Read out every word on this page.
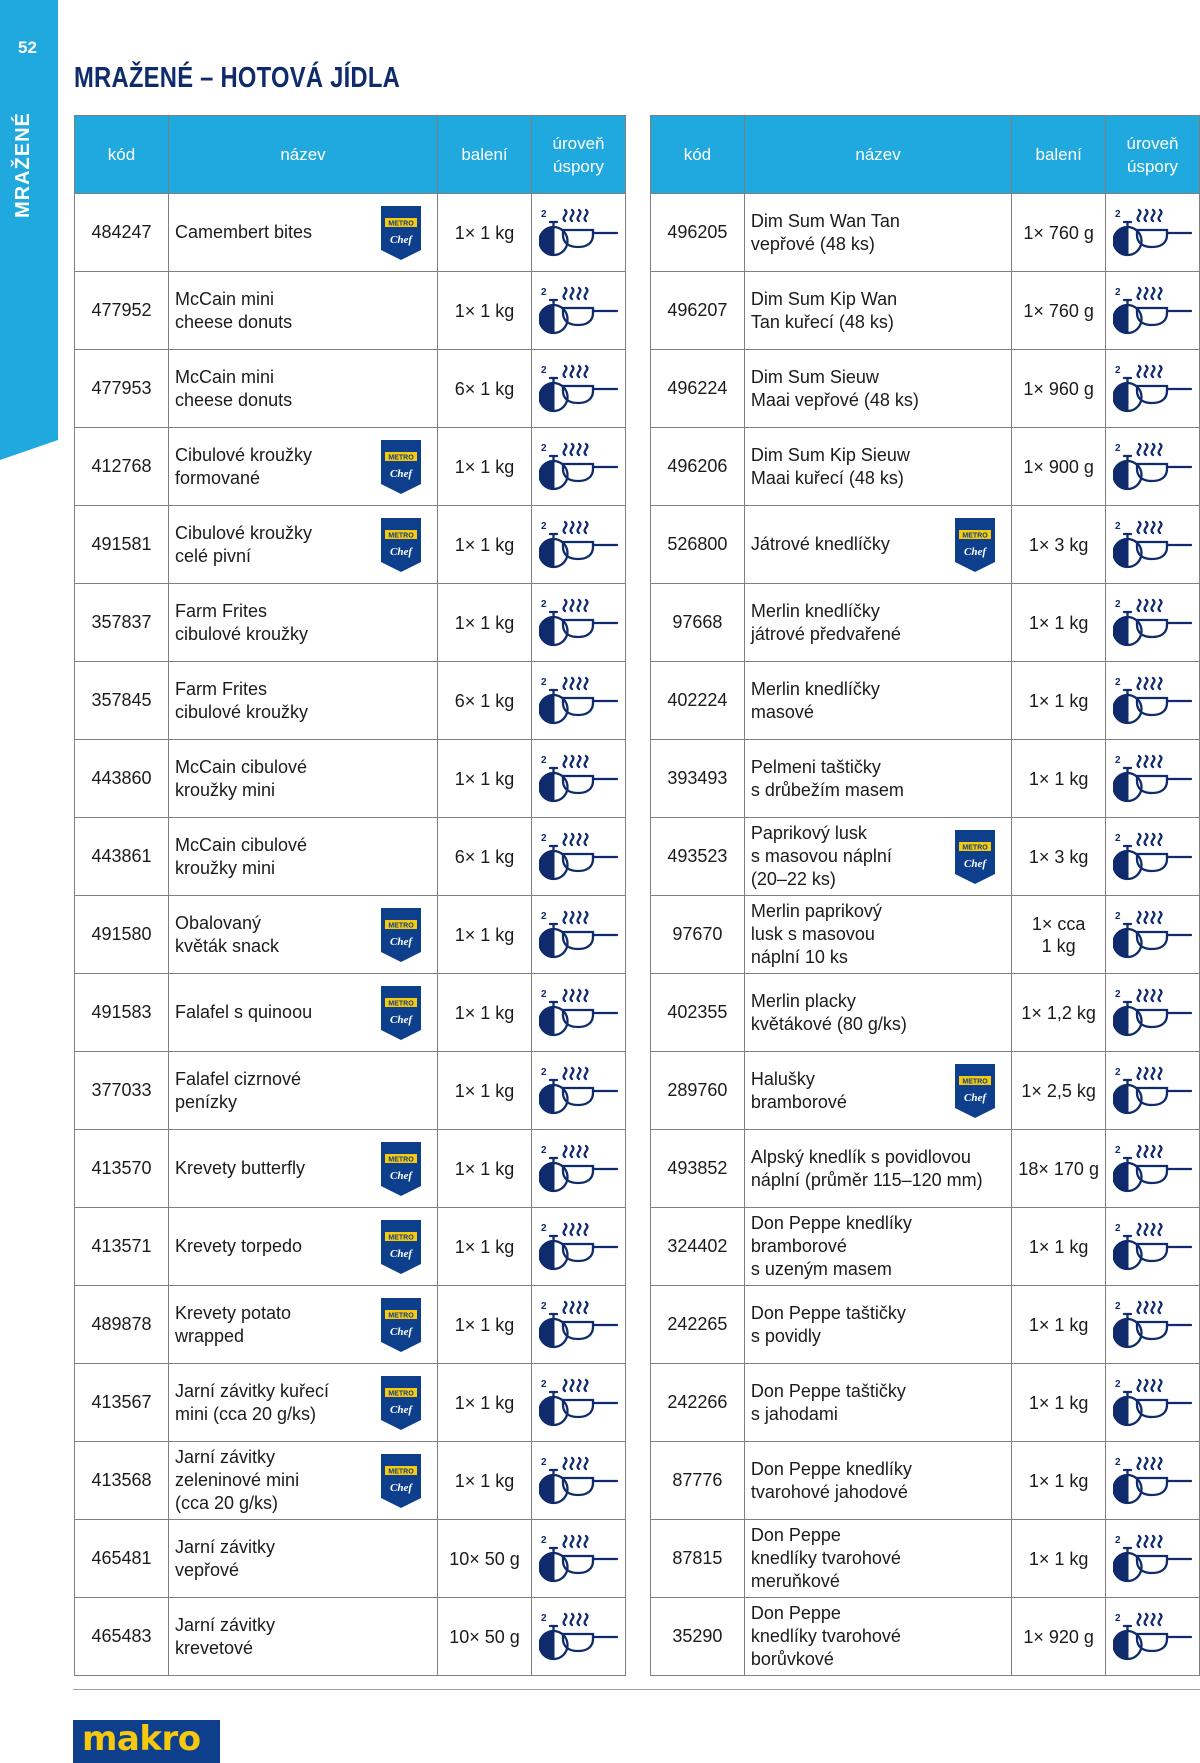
52
MRAŽENÉ
MRAŽENÉ – HOTOVÁ JÍDLA
kód	název	balení	úroveň
úspory
484247	Camembert bites METRO
Chef	1× 1 kg	2

477952	McCain mini
cheese donuts	1× 1 kg	2

477953	McCain mini
cheese donuts	6× 1 kg	2

412768	Cibulové kroužky
formované
METRO
Chef	1× 1 kg	2

491581	Cibulové kroužky
celé pivní
METRO
Chef	1× 1 kg	2

357837	Farm Frites
cibulové kroužky	1× 1 kg	2

357845	Farm Frites
cibulové kroužky	6× 1 kg	2

443860	McCain cibulové
kroužky mini	1× 1 kg	2

443861	McCain cibulové
kroužky mini	6× 1 kg	2

491580	Obalovaný
květák snack
METRO
Chef	1× 1 kg	2

491583	Falafel s quinoou METRO
Chef	1× 1 kg	2

377033	Falafel cizrnové
penízky	1× 1 kg	2

413570	Krevety butterfly METRO
Chef	1× 1 kg	2

413571	Krevety torpedo METRO
Chef	1× 1 kg	2

489878	Krevety potato
wrapped
METRO
Chef	1× 1 kg	2

413567	Jarní závitky kuřecí
mini (cca 20 g/ks)
METRO
Chef	1× 1 kg	2

413568	Jarní závitky
zeleninové mini
(cca 20 g/ks)
METRO
Chef	1× 1 kg	2

465481	Jarní závitky
vepřové	10× 50 g	2

465483	Jarní závitky
krevetové	10× 50 g	2
kód	název	balení	úroveň
úspory
496205	Dim Sum Wan Tan
vepřové (48 ks)	1× 760 g	2

496207	Dim Sum Kip Wan
Tan kuřecí (48 ks)	1× 760 g	2

496224	Dim Sum Sieuw
Maai vepřové (48 ks)	1× 960 g	2

496206	Dim Sum Kip Sieuw
Maai kuřecí (48 ks)	1× 900 g	2

526800	Játrové knedlíčky METRO
Chef	1× 3 kg	2

97668	Merlin knedlíčky
játrové předvařené	1× 1 kg	2

402224	Merlin knedlíčky
masové	1× 1 kg	2

393493	Pelmeni taštičky
s drůbežím masem	1× 1 kg	2

493523	Paprikový lusk
s masovou náplní
(20–22 ks)
METRO
Chef	1× 3 kg	2

97670	Merlin paprikový
lusk s masovou
náplní 10 ks	1× cca
1 kg	2

402355	Merlin placky
květákové (80 g/ks)	1× 1,2 kg	2

289760	Halušky
bramborové
METRO
Chef	1× 2,5 kg	2

493852	Alpský knedlík s povidlovou
náplní (průměr 115–120 mm)	18× 170 g	2

324402	Don Peppe knedlíky
bramborové
s uzeným masem	1× 1 kg	2

242265	Don Peppe taštičky
s povidly	1× 1 kg	2

242266	Don Peppe taštičky
s jahodami	1× 1 kg	2

87776	Don Peppe knedlíky
tvarohové jahodové	1× 1 kg	2

87815	Don Peppe
knedlíky tvarohové
meruňkové	1× 1 kg	2

35290	Don Peppe
knedlíky tvarohové
borůvkové	1× 920 g	2
makro
